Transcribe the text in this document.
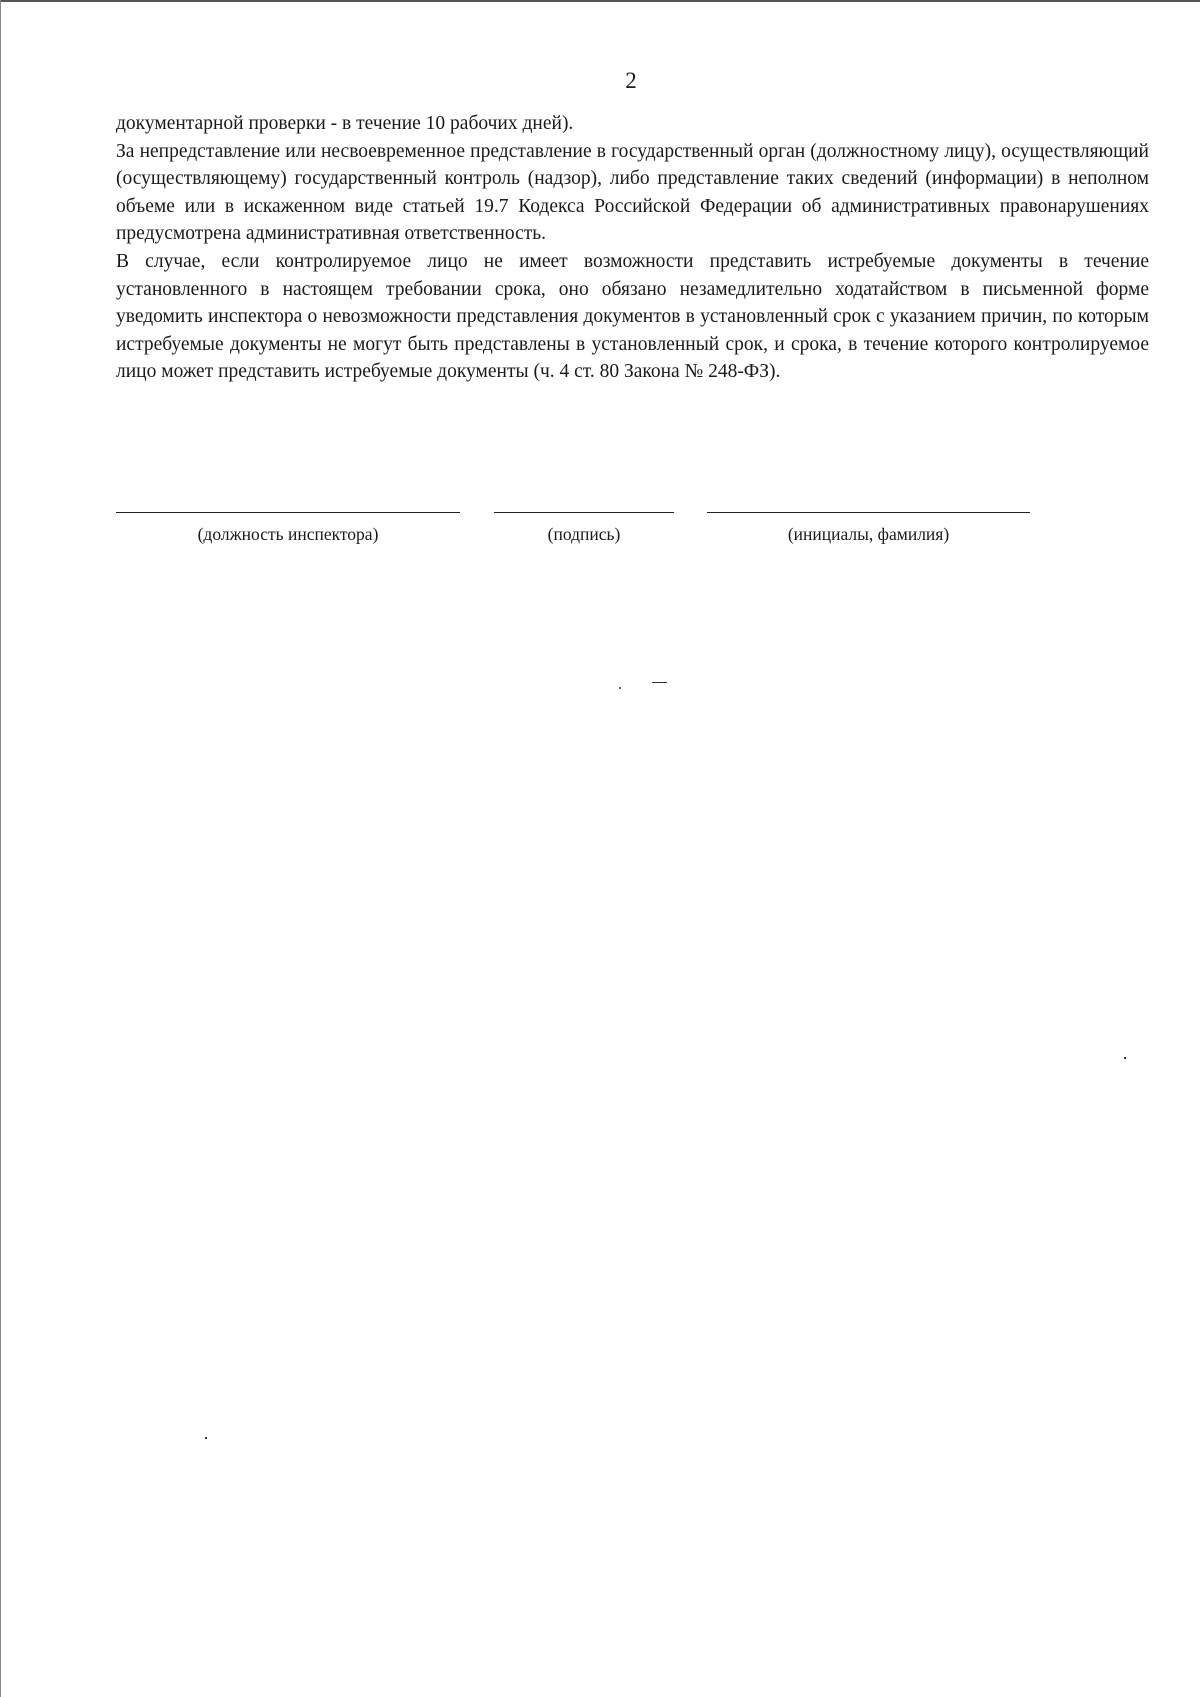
2

документарной проверки - в течение 10 рабочих дней).

За непредставление или несвоевременное представление в государственный орган (должностному лицу), осуществляющий (осуществляющему) государственный контроль (надзор), либо представление таких сведений (информации) в неполном объеме или в искаженном виде статьей 19.7 Кодекса Российской Федерации об административных правонарушениях предусмотрена административная ответственность.

В случае, если контролируемое лицо не имеет возможности представить истребуемые документы в течение установленного в настоящем требовании срока, оно обязано незамедлительно ходатайством в письменной форме уведомить инспектора о невозможности представления документов в установленный срок с указанием причин, по которым истребуемые документы не могут быть представлены в установленный срок, и срока, в течение которого контролируемое лицо может представить истребуемые документы (ч. 4 ст. 80 Закона № 248-ФЗ).

(должность инспектора)	(подпись)	(инициалы, фамилия)
